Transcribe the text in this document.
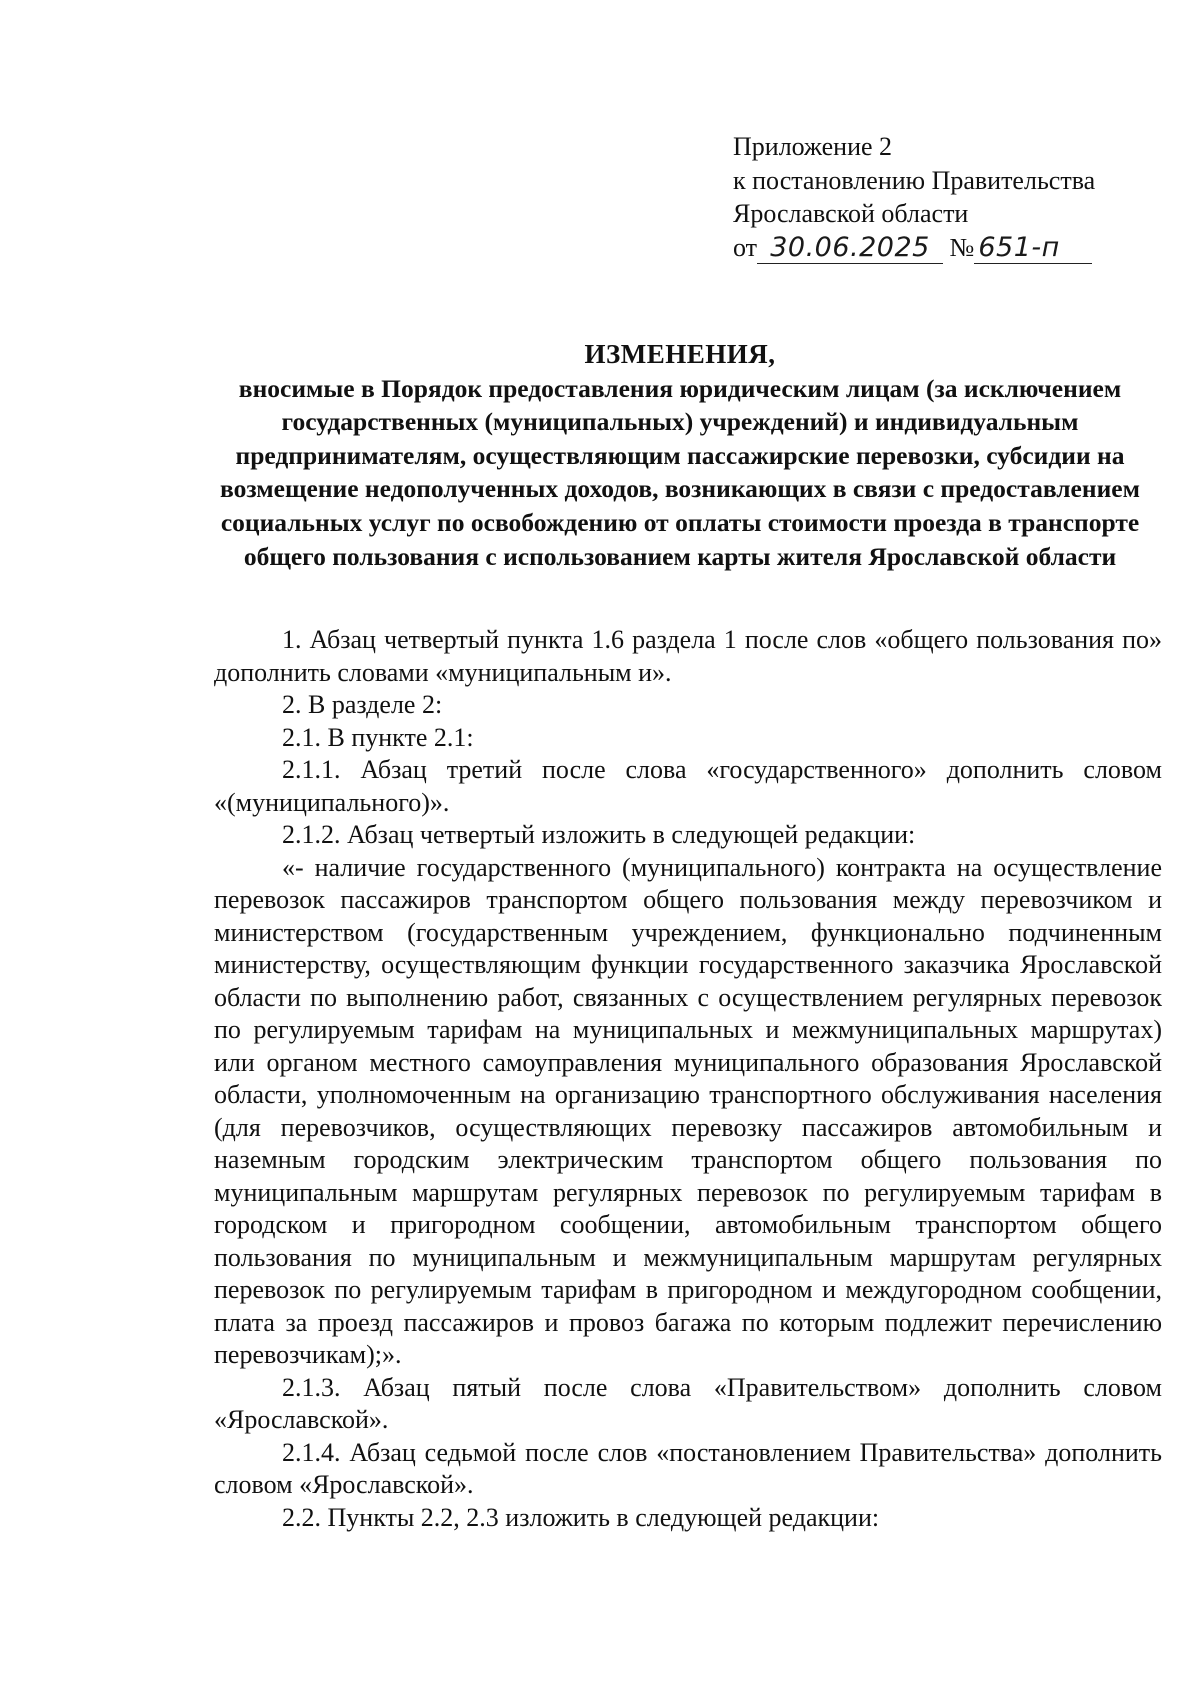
Приложение 2
к постановлению Правительства
Ярославской области
от 30.06.2025 № 651-п
ИЗМЕНЕНИЯ,
вносимые в Порядок предоставления юридическим лицам (за исключением государственных (муниципальных) учреждений) и индивидуальным предпринимателям, осуществляющим пассажирские перевозки, субсидии на возмещение недополученных доходов, возникающих в связи с предоставлением социальных услуг по освобождению от оплаты стоимости проезда в транспорте общего пользования с использованием карты жителя Ярославской области

1. Абзац четвертый пункта 1.6 раздела 1 после слов «общего пользования по» дополнить словами «муниципальным и».

2. В разделе 2:

2.1. В пункте 2.1:

2.1.1. Абзац третий после слова «государственного» дополнить словом «(муниципального)».

2.1.2. Абзац четвертый изложить в следующей редакции:

«- наличие государственного (муниципального) контракта на осуществление перевозок пассажиров транспортом общего пользования между перевозчиком и министерством (государственным учреждением, функционально подчиненным министерству, осуществляющим функции государственного заказчика Ярославской области по выполнению работ, связанных с осуществлением регулярных перевозок по регулируемым тарифам на муниципальных и межмуниципальных маршрутах) или органом местного самоуправления муниципального образования Ярославской области, уполномоченным на организацию транспортного обслуживания населения (для перевозчиков, осуществляющих перевозку пассажиров автомобильным и наземным городским электрическим транспортом общего пользования по муниципальным маршрутам регулярных перевозок по регулируемым тарифам в городском и пригородном сообщении, автомобильным транспортом общего пользования по муниципальным и межмуниципальным маршрутам регулярных перевозок по регулируемым тарифам в пригородном и междугородном сообщении, плата за проезд пассажиров и провоз багажа по которым подлежит перечислению перевозчикам);».

2.1.3. Абзац пятый после слова «Правительством» дополнить словом «Ярославской».

2.1.4. Абзац седьмой после слов «постановлением Правительства» дополнить словом «Ярославской».

2.2. Пункты 2.2, 2.3 изложить в следующей редакции:
